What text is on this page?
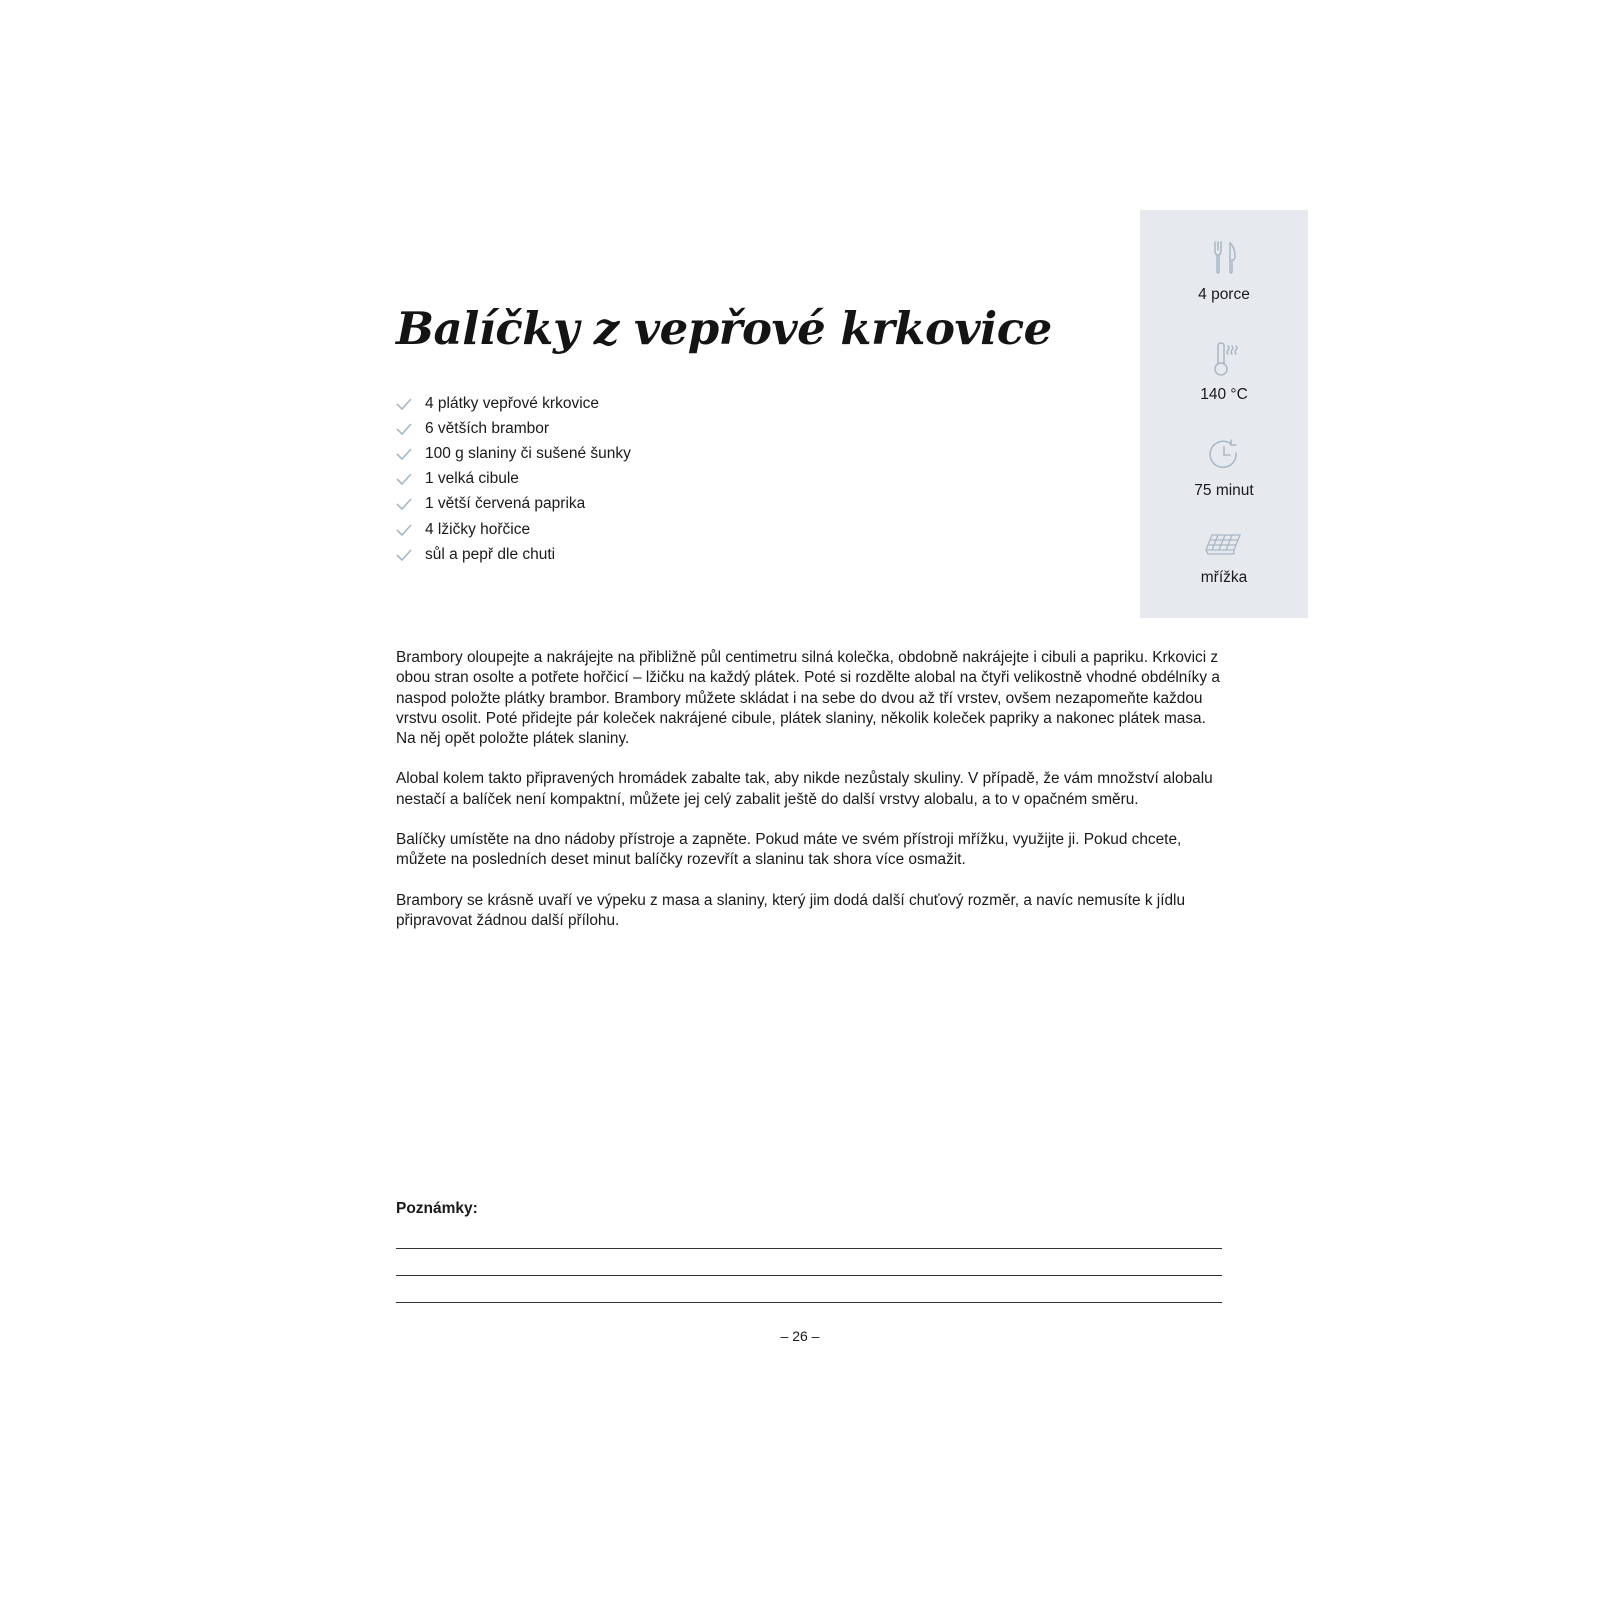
Balíčky z vepřové krkovice
4 plátky vepřové krkovice
6 větších brambor
100 g slaniny či sušené šunky
1 velká cibule
1 větší červená paprika
4 lžičky hořčice
sůl a pepř dle chuti
4 porce
140 °C
75 minut
mřížka

Brambory oloupejte a nakrájejte na přibližně půl centimetru silná kolečka, obdobně nakrájejte i cibuli a papriku. Krkovici z obou stran osolte a potřete hořčicí – lžičku na každý plátek. Poté si rozdělte alobal na čtyři velikostně vhodné obdélníky a naspod položte plátky brambor. Brambory můžete skládat i na sebe do dvou až tří vrstev, ovšem nezapomeňte každou vrstvu osolit. Poté přidejte pár koleček nakrájené cibule, plátek slaniny, několik koleček papriky a nakonec plátek masa. Na něj opět položte plátek slaniny.

Alobal kolem takto připravených hromádek zabalte tak, aby nikde nezůstaly skuliny. V případě, že vám množství alobalu nestačí a balíček není kompaktní, můžete jej celý zabalit ještě do další vrstvy alobalu, a to v opačném směru.

Balíčky umístěte na dno nádoby přístroje a zapněte. Pokud máte ve svém přístroji mřížku, využijte ji. Pokud chcete, můžete na posledních deset minut balíčky rozevřít a slaninu tak shora více osmažit.

Brambory se krásně uvaří ve výpeku z masa a slaniny, který jim dodá další chuťový rozměr, a navíc nemusíte k jídlu připravovat žádnou další přílohu.

Poznámky:
– 26 –
